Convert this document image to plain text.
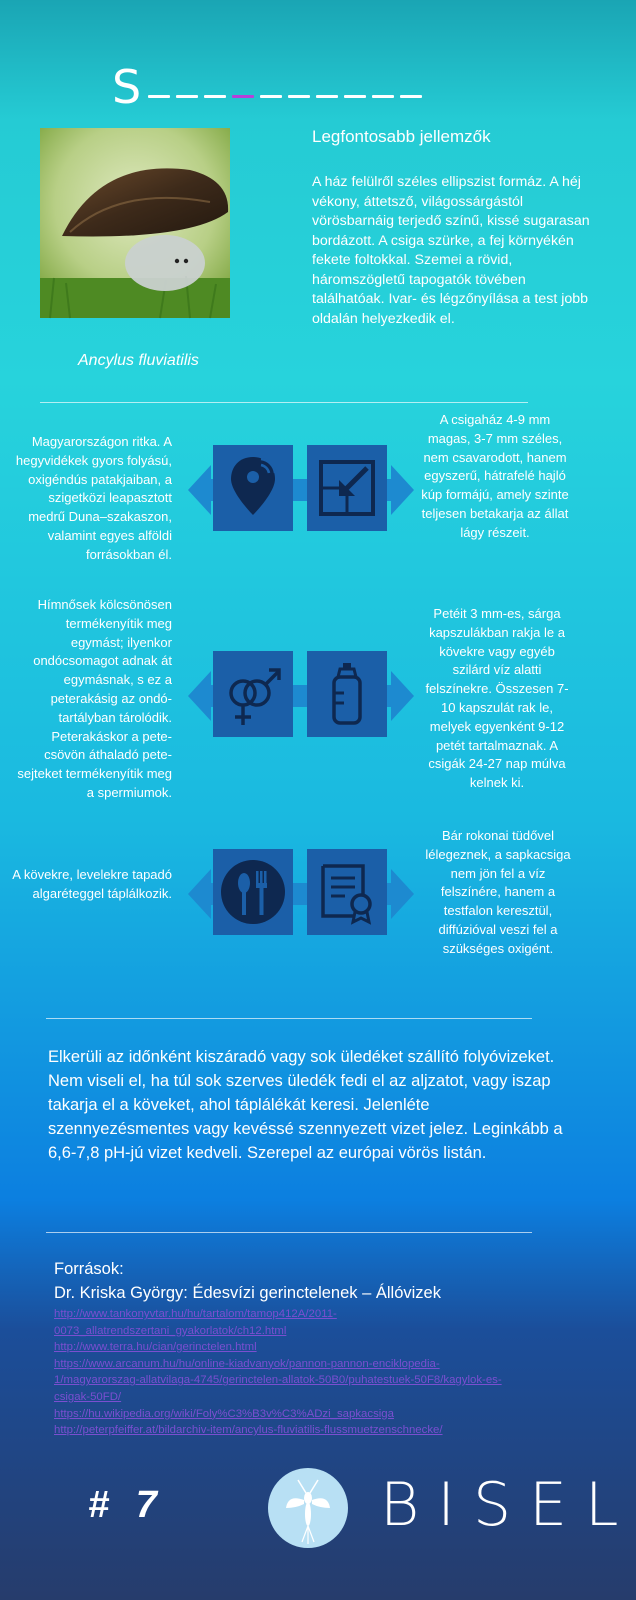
S
Ancylus fluviatilis
Legfontosabb jellemzők
A ház felülről széles ellipszist formáz. A héj vékony, áttetsző, világossárgástól vörösbarnáig terjedő színű, kissé sugarasan bordázott. A csiga szürke, a fej környékén fekete foltokkal. Szemei a rövid, háromszögletű tapogatók tövében találhatóak. Ivar- és légzőnyílása a test jobb oldalán helyezkedik el.
Magyarországon ritka. A hegyvidékek gyors folyású, oxigéndús patakjaiban, a szigetközi leapasztott medrű Duna–szakaszon, valamint egyes alföldi forrásokban él.
A csigaház 4-9 mm magas, 3-7 mm széles, nem csavarodott, hanem egyszerű, hátrafelé hajló kúp formájú, amely szinte teljesen betakarja az állat lágy részeit.
Hímnősek kölcsönösen termékenyítik meg egymást; ilyenkor ondócsomagot adnak át egymásnak, s ez a peterakásig az ondó-tartályban tárolódik. Peterakáskor a pete-csövön áthaladó pete-sejteket termékenyítik meg a spermiumok.
Petéit 3 mm-es, sárga kapszulákban rakja le a kövekre vagy egyéb szilárd víz alatti felszínekre. Összesen 7-10 kapszulát rak le, melyek egyenként 9-12 petét tartalmaznak. A csigák 24-27 nap múlva kelnek ki.
A kövekre, levelekre tapadó algaréteggel táplálkozik.
Bár rokonai tüdővel lélegeznek, a sapkacsiga nem jön fel a víz felszínére, hanem a testfalon keresztül, diffúzióval veszi fel a szükséges oxigént.
Elkerüli az időnként kiszáradó vagy sok üledéket szállító folyóvizeket. Nem viseli el, ha túl sok szerves üledék fedi el az aljzatot, vagy iszap takarja el a köveket, ahol táplálékát keresi. Jelenléte szennyezésmentes vagy kevéssé szennyezett vizet jelez. Leginkább a 6,6-7,8 pH-jú vizet kedveli. Szerepel az európai vörös listán.
Források:
Dr. Kriska György: Édesvízi gerinctelenek – Állóvizek
http://www.tankonyvtar.hu/hu/tartalom/tamop412A/2011-0073_allatrendszertani_gyakorlatok/ch12.html
http://www.terra.hu/cian/gerinctelen.html
https://www.arcanum.hu/hu/online-kiadvanyok/pannon-pannon-enciklopedia-1/magyarorszag-allatvilaga-4745/gerinctelen-allatok-50B0/puhatestuek-50F8/kagylok-es-csigak-50FD/
https://hu.wikipedia.org/wiki/Foly%C3%B3v%C3%ADzi_sapkacsiga
http://peterpfeiffer.at/bildarchiv-item/ancylus-fluviatilis-flussmuetzenschnecke/
# 7	BISEL
